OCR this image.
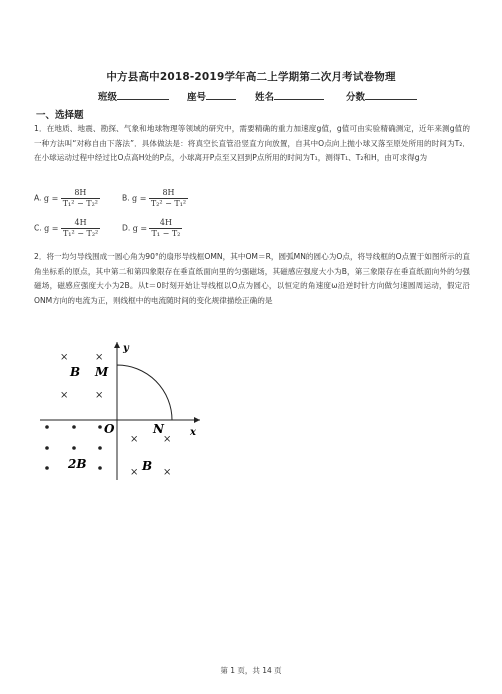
中方县高中2018-2019学年高二上学期第二次月考试卷物理
班级	座号	姓名	分数
一、选择题
1．在地质、地震、勘探、气象和地球物理等领域的研究中，需要精确的重力加速度g值，g值可由实验精确测定，近年来测g值的一种方法叫“对称自由下落法”．具体做法是：将真空长直管沿竖直方向放置，自其中O点向上抛小球又落至原处所用的时间为T₂．在小球运动过程中经过比O点高H处的P点，小球离开P点至又回到P点所用的时间为T₁，测得T₁、T₂和H，由可求得g为
A. $g = \frac{8H}{\text{T₁² − T₂²}}$	B. $g = \frac{8H}{\text{T₂² − T₁²}}$
C. $g = \frac{4H}{\text{T₁² − T₂²}}$	D. $g = \frac{4H}{\text{T₁ − T₂}}$
2．将一均匀导线围成一圆心角为90°的扇形导线框OMN，其中OM＝R，圆弧MN的圆心为O点，将导线框的O点置于如图所示的直角坐标系的原点，其中第二和第四象限存在垂直纸面向里的匀强磁场，其磁感应强度大小为B，第三象限存在垂直纸面向外的匀强磁场，磁感应强度大小为2B。从t＝0时刻开始让导线框以O点为圆心，以恒定的角速度ω沿逆时针方向做匀速圆周运动，假定沿ONM方向的电流为正，则线框中的电流随时间的变化规律描绘正确的是
y
x
O
M
N
B
B
2B
×	×
×	×
× ×
× ×
第 1 页，共 14 页
